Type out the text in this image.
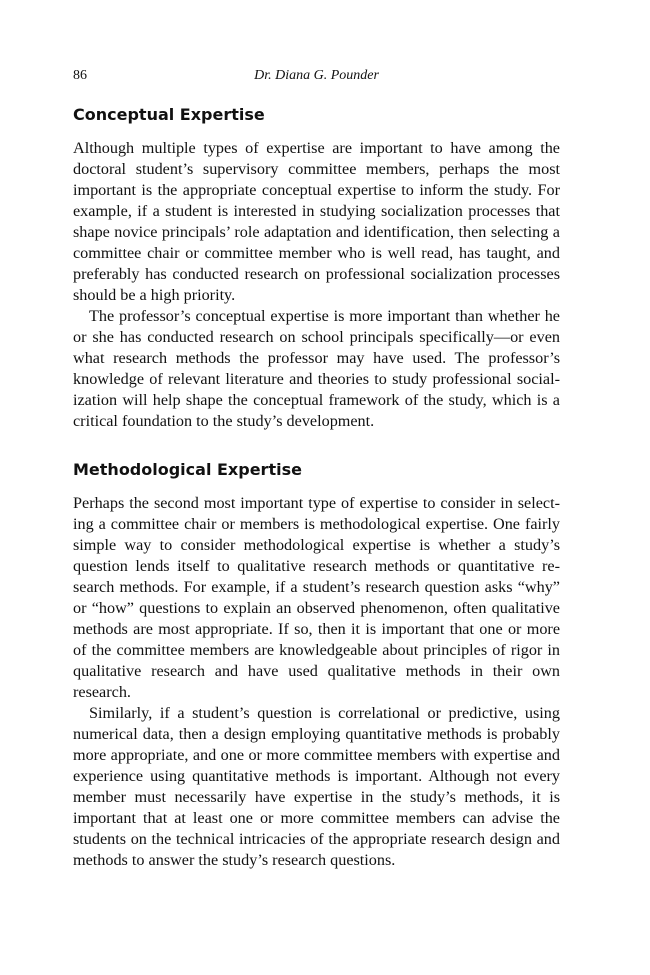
86	Dr. Diana G. Pounder
Conceptual Expertise

Although multiple types of expertise are important to have among the doctoral student’s supervisory committee members, perhaps the most important is the appropriate conceptual expertise to inform the study. For example, if a student is interested in studying socialization processes that shape novice principals’ role adaptation and identification, then selecting a committee chair or committee member who is well read, has taught, and preferably has conducted research on professional socialization processes should be a high priority.

The professor’s conceptual expertise is more important than whether he or she has conducted research on school principals specifically—or even what research methods the professor may have used. The professor’s knowledge of relevant literature and theories to study professional socialization will help shape the conceptual framework of the study, which is a critical foundation to the study’s development.

Methodological Expertise

Perhaps the second most important type of expertise to consider in selecting a committee chair or members is methodological expertise. One fairly simple way to consider methodological expertise is whether a study’s question lends itself to qualitative research methods or quantitative research methods. For example, if a student’s research question asks “why” or “how” questions to explain an observed phenomenon, often qualitative methods are most appropriate. If so, then it is important that one or more of the committee members are knowledgeable about principles of rigor in qualitative research and have used qualitative methods in their own research.

Similarly, if a student’s question is correlational or predictive, using numerical data, then a design employing quantitative methods is probably more appropriate, and one or more committee members with expertise and experience using quantitative methods is important. Although not every member must necessarily have expertise in the study’s methods, it is important that at least one or more committee members can advise the students on the technical intricacies of the appropriate research design and methods to answer the study’s research questions.
